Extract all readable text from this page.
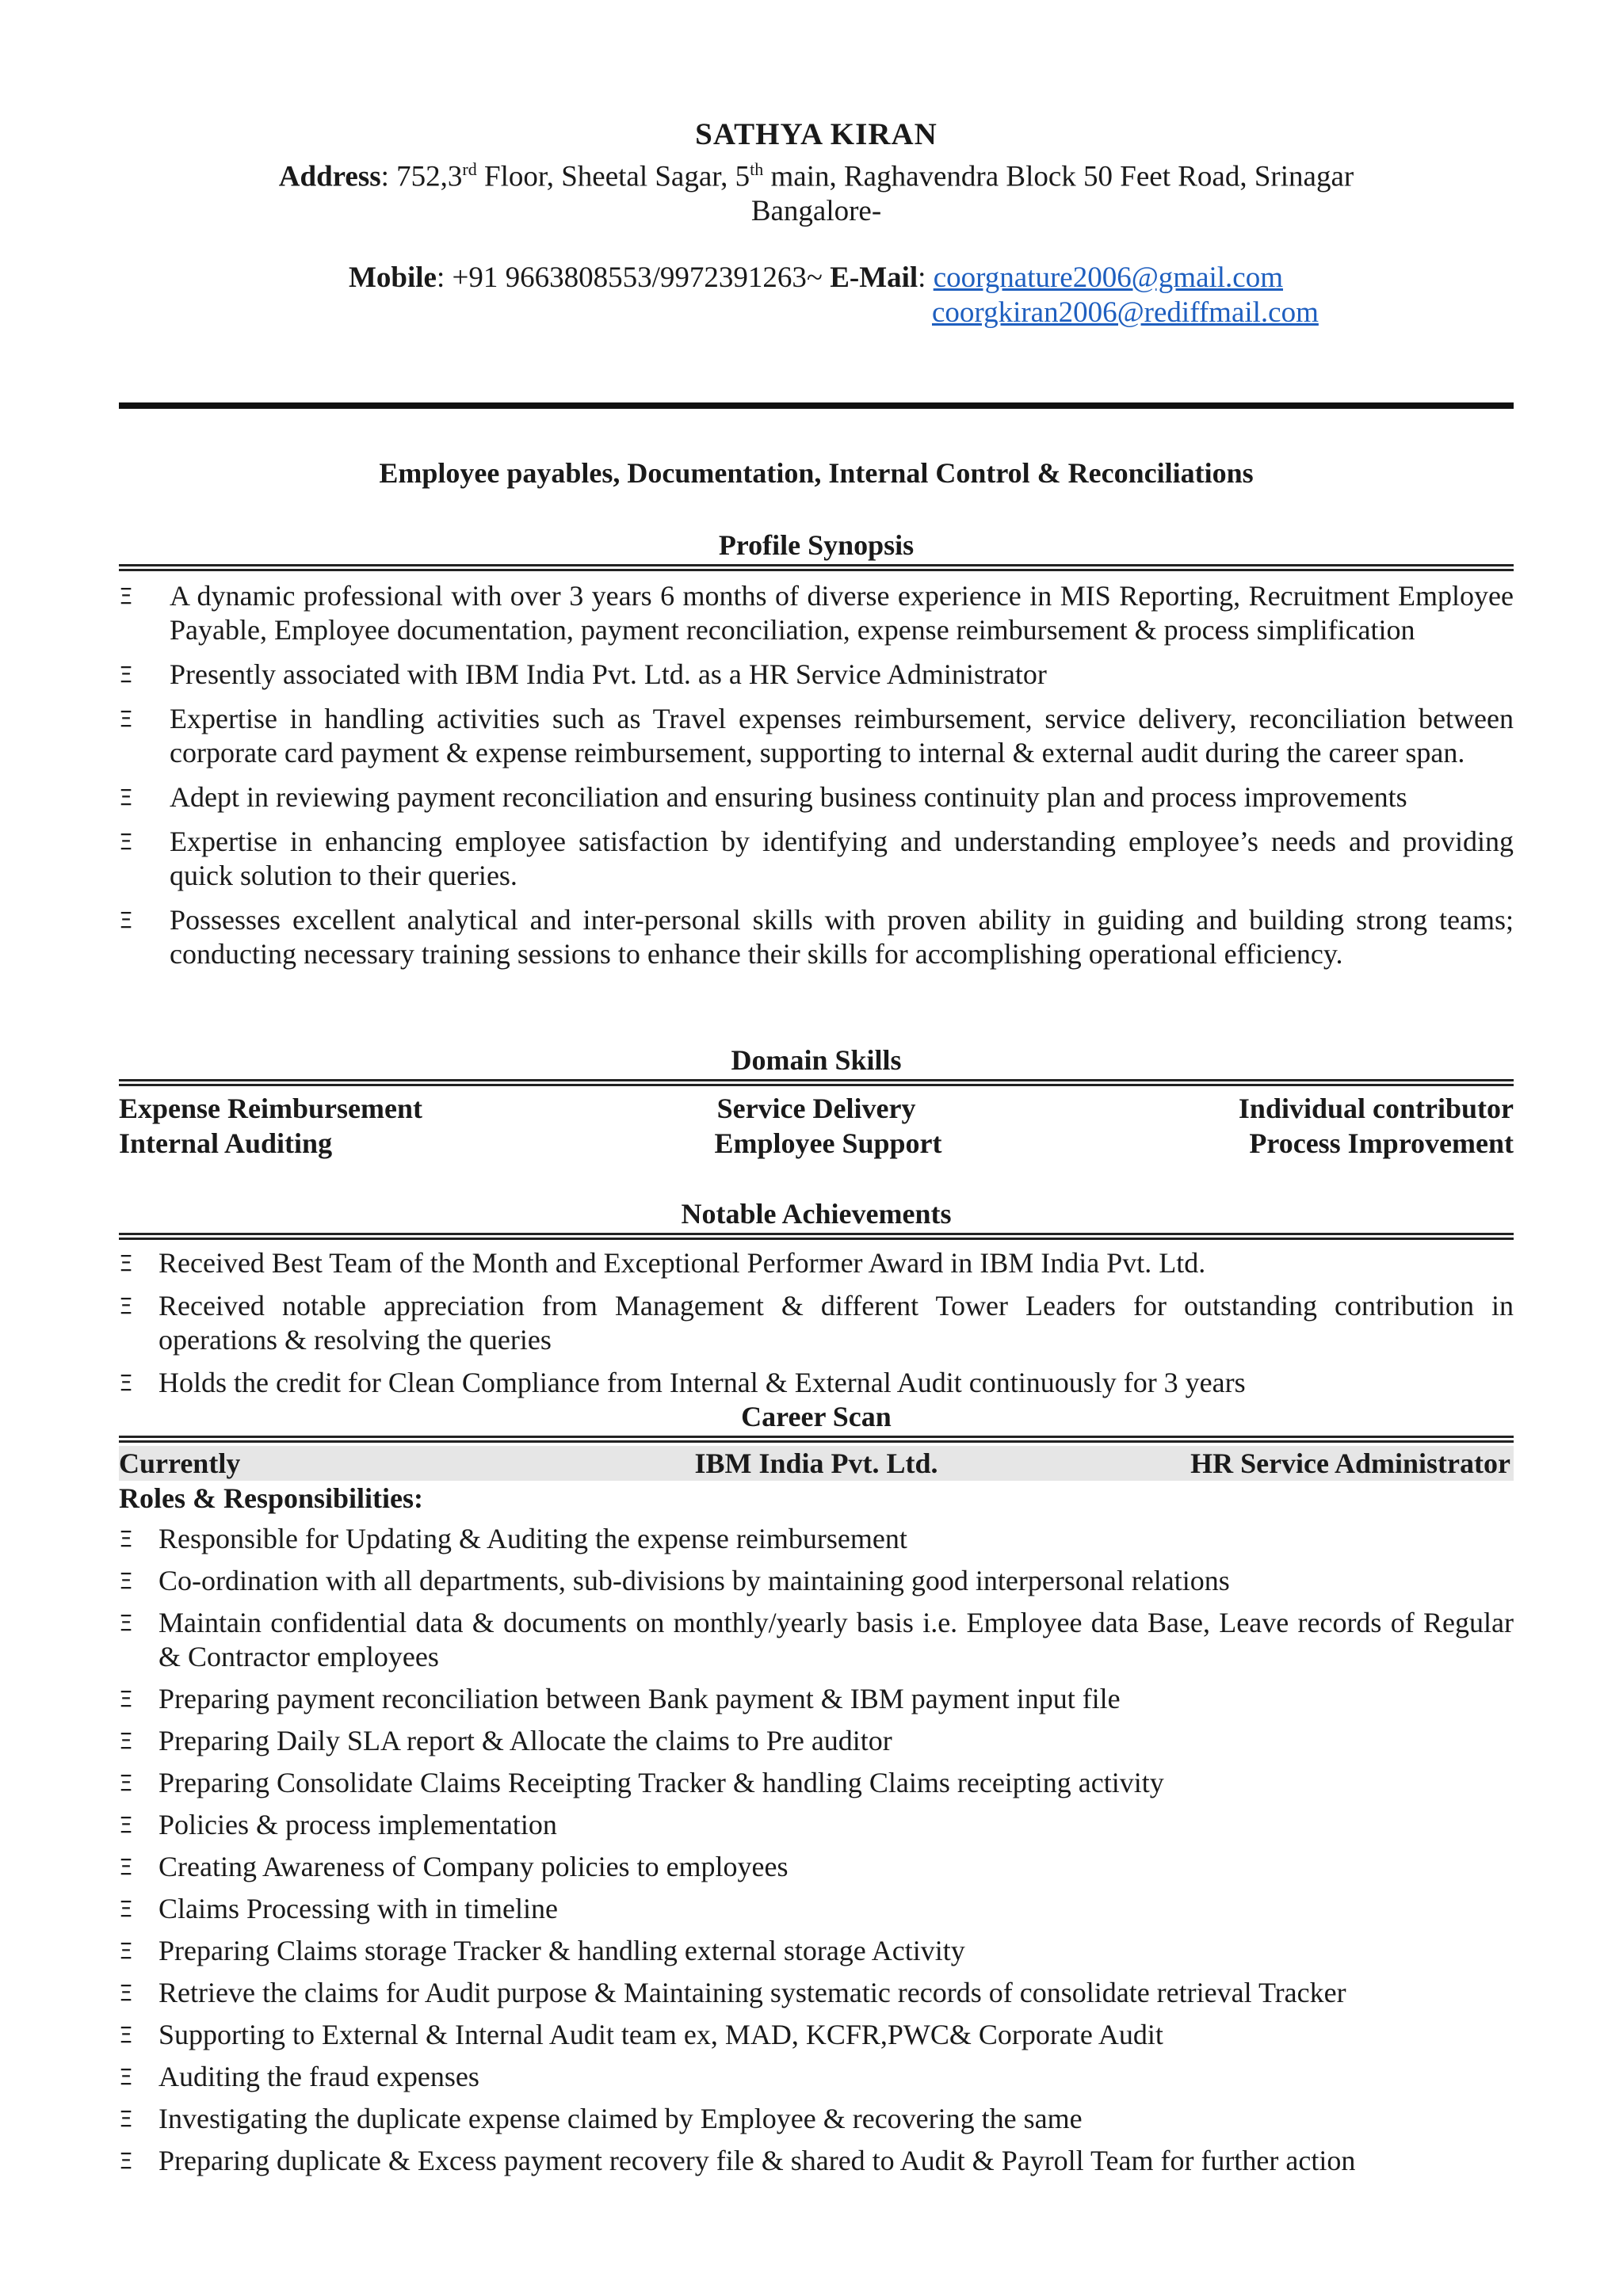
SATHYA KIRAN
Address: 752,3rd Floor, Sheetal Sagar, 5th main, Raghavendra Block 50 Feet Road, Srinagar
Bangalore-
Mobile: +91 9663808553/9972391263~ E-Mail: coorgnature2006@gmail.com
coorgkiran2006@rediffmail.com
Employee payables, Documentation, Internal Control & Reconciliations
Profile Synopsis
Ξ A dynamic professional with over 3 years 6 months of diverse experience in MIS Reporting, Recruitment Employee Payable, Employee documentation, payment reconciliation, expense reimbursement & process simplification
Ξ Presently associated with IBM India Pvt. Ltd. as a HR Service Administrator
Ξ Expertise in handling activities such as Travel expenses reimbursement, service delivery, reconciliation between corporate card payment & expense reimbursement, supporting to internal & external audit during the career span.
Ξ Adept in reviewing payment reconciliation and ensuring business continuity plan and process improvements
Ξ Expertise in enhancing employee satisfaction by identifying and understanding employee’s needs and providing quick solution to their queries.
Ξ Possesses excellent analytical and inter-personal skills with proven ability in guiding and building strong teams; conducting necessary training sessions to enhance their skills for accomplishing operational efficiency.
Domain Skills
Expense Reimbursement	Service Delivery	Individual contributor
Internal Auditing	Employee Support	Process Improvement
Notable Achievements
Ξ Received Best Team of the Month and Exceptional Performer Award in IBM India Pvt. Ltd.
Ξ Received notable appreciation from Management & different Tower Leaders for outstanding contribution in operations & resolving the queries
Ξ Holds the credit for Clean Compliance from Internal & External Audit continuously for 3 years
Career Scan
Currently	IBM India Pvt. Ltd.	HR Service Administrator
Roles & Responsibilities:
Ξ Responsible for Updating & Auditing the expense reimbursement
Ξ Co-ordination with all departments, sub-divisions by maintaining good interpersonal relations
Ξ Maintain confidential data & documents on monthly/yearly basis i.e. Employee data Base, Leave records of Regular & Contractor employees
Ξ Preparing payment reconciliation between Bank payment & IBM payment input file
Ξ Preparing Daily SLA report & Allocate the claims to Pre auditor
Ξ Preparing Consolidate Claims Receipting Tracker & handling Claims receipting activity
Ξ Policies & process implementation
Ξ Creating Awareness of Company policies to employees
Ξ Claims Processing with in timeline
Ξ Preparing Claims storage Tracker & handling external storage Activity
Ξ Retrieve the claims for Audit purpose & Maintaining systematic records of consolidate retrieval Tracker
Ξ Supporting to External & Internal Audit team ex, MAD, KCFR,PWC& Corporate Audit
Ξ Auditing the fraud expenses
Ξ Investigating the duplicate expense claimed by Employee & recovering the same
Ξ Preparing duplicate & Excess payment recovery file & shared to Audit & Payroll Team for further action
